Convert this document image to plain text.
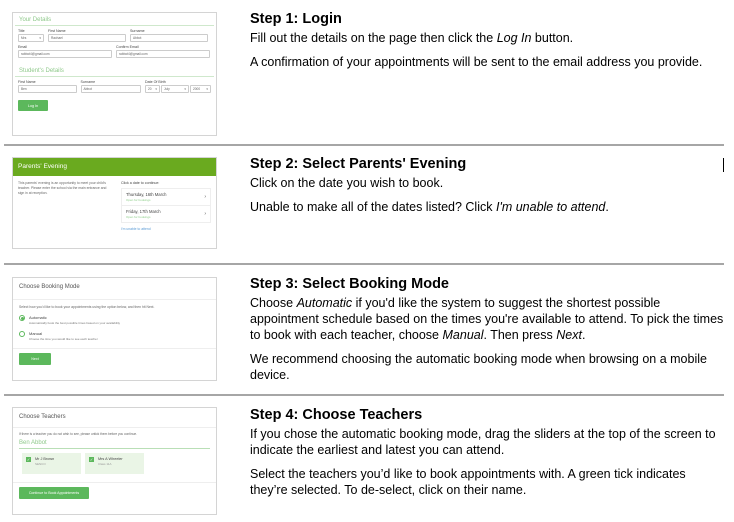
Your Details
Title
Mrs	▾
First Name
Rachael
Surname
Abbot
Email
rabbot4@gmail.com
Confirm Email
rabbot4@gmail.com
Student's Details
First Name
Ben
Surname
Abbot
Date Of Birth
20 ▾ July	▾ 2000 ▾
Log In
Parents' Evening
This parents' evening is an opportunity to meet your child's teacher. Please enter the school via the main entrance and sign in at reception.
Click a date to continue:
Thursday, 16th March
Open for bookings	›
Friday, 17th March
Open for bookings	›
I'm unable to attend
Choose Booking Mode
Select how you'd like to book your appointments using the option below, and then hit Next.
Automatic
Automatically book the best possible times based on your availability
Manual
Choose the time you would like to see each teacher
Next
Choose Teachers
If there is a teacher you do not wish to see, please untick them before you continue.
Ben Abbot
✓ Mr J Brown
SENCO
✓ Mrs A Wheeler
Class 11A
Continue to Book Appointments
Step 1: Login

Fill out the details on the page then click the Log In button.

A confirmation of your appointments will be sent to the email address you provide.

Step 2: Select Parents' Evening

Click on the date you wish to book.

Unable to make all of the dates listed? Click I'm unable to attend.

Step 3: Select Booking Mode

Choose Automatic if you'd like the system to suggest the shortest possible appointment schedule based on the times you're available to attend. To pick the times to book with each teacher, choose Manual. Then press Next.

We recommend choosing the automatic booking mode when browsing on a mobile device.

Step 4: Choose Teachers

If you chose the automatic booking mode, drag the sliders at the top of the screen to indicate the earliest and latest you can attend.

Select the teachers you’d like to book appointments with. A green tick indicates they’re selected. To de-select, click on their name.
